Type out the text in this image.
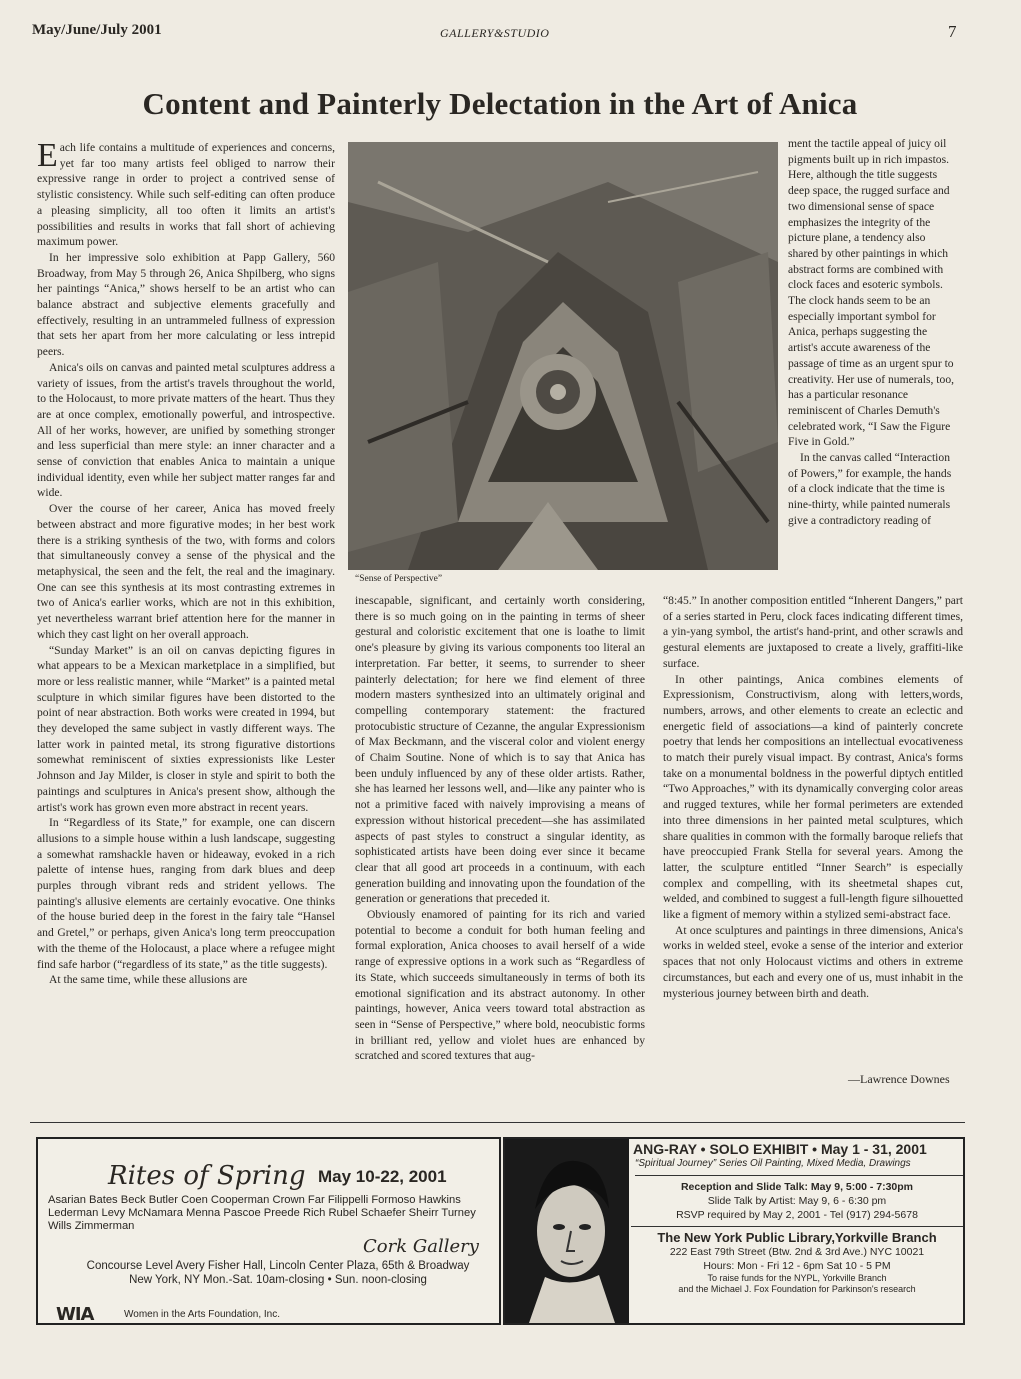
May/June/July 2001	GALLERY&STUDIO	7
Content and Painterly Delectation in the Art of Anica

Each life contains a multitude of experiences and concerns, yet far too many artists feel obliged to narrow their expressive range in order to project a contrived sense of stylistic consistency. While such self-editing can often produce a pleasing simplicity, all too often it limits an artist's possibilities and results in works that fall short of achieving maximum power.

In her impressive solo exhibition at Papp Gallery, 560 Broadway, from May 5 through 26, Anica Shpilberg, who signs her paintings “Anica,” shows herself to be an artist who can balance abstract and subjective elements gracefully and effectively, resulting in an untrammeled fullness of expression that sets her apart from her more calculating or less intrepid peers.

Anica's oils on canvas and painted metal sculptures address a variety of issues, from the artist's travels throughout the world, to the Holocaust, to more private matters of the heart. Thus they are at once complex, emotionally powerful, and introspective. All of her works, however, are unified by something stronger and less superficial than mere style: an inner character and a sense of conviction that enables Anica to maintain a unique individual identity, even while her subject matter ranges far and wide.

Over the course of her career, Anica has moved freely between abstract and more figurative modes; in her best work there is a striking synthesis of the two, with forms and colors that simultaneously convey a sense of the physical and the metaphysical, the seen and the felt, the real and the imaginary. One can see this synthesis at its most contrasting extremes in two of Anica's earlier works, which are not in this exhibition, yet nevertheless warrant brief attention here for the manner in which they cast light on her overall approach.

“Sunday Market” is an oil on canvas depicting figures in what appears to be a Mexican marketplace in a simplified, but more or less realistic manner, while “Market” is a painted metal sculpture in which similar figures have been distorted to the point of near abstraction. Both works were created in 1994, but they developed the same subject in vastly different ways. The latter work in painted metal, its strong figurative distortions somewhat reminiscent of sixties expressionists like Lester Johnson and Jay Milder, is closer in style and spirit to both the paintings and sculptures in Anica's present show, although the artist's work has grown even more abstract in recent years.

In “Regardless of its State,” for example, one can discern allusions to a simple house within a lush landscape, suggesting a somewhat ramshackle haven or hideaway, evoked in a rich palette of intense hues, ranging from dark blues and deep purples through vibrant reds and strident yellows. The painting's allusive elements are certainly evocative. One thinks of the house buried deep in the forest in the fairy tale “Hansel and Gretel,” or perhaps, given Anica's long term preoccupation with the theme of the Holocaust, a place where a refugee might find safe harbor (“regardless of its state,” as the title suggests).

At the same time, while these allusions are

“Sense of Perspective”

ment the tactile appeal of juicy oil pigments built up in rich impastos. Here, although the title suggests deep space, the rugged surface and two dimensional sense of space emphasizes the integrity of the picture plane, a tendency also shared by other paintings in which abstract forms are combined with clock faces and esoteric symbols. The clock hands seem to be an especially important symbol for Anica, perhaps suggesting the artist's accute awareness of the passage of time as an urgent spur to creativity. Her use of numerals, too, has a particular resonance reminiscent of Charles Demuth's celebrated work, “I Saw the Figure Five in Gold.”

In the canvas called “Interaction of Powers,” for example, the hands of a clock indicate that the time is nine-thirty, while painted numerals give a contradictory reading of

inescapable, significant, and certainly worth considering, there is so much going on in the painting in terms of sheer gestural and coloristic excitement that one is loathe to limit one's pleasure by giving its various components too literal an interpretation. Far better, it seems, to surrender to sheer painterly delectation; for here we find element of three modern masters synthesized into an ultimately original and compelling contemporary statement: the fractured protocubistic structure of Cezanne, the angular Expressionism of Max Beckmann, and the visceral color and violent energy of Chaim Soutine. None of which is to say that Anica has been unduly influenced by any of these older artists. Rather, she has learned her lessons well, and—like any painter who is not a primitive faced with naively improvising a means of expression without historical precedent—she has assimilated aspects of past styles to construct a singular identity, as sophisticated artists have been doing ever since it became clear that all good art proceeds in a continuum, with each generation building and innovating upon the foundation of the generation or generations that preceded it.

Obviously enamored of painting for its rich and varied potential to become a conduit for both human feeling and formal exploration, Anica chooses to avail herself of a wide range of expressive options in a work such as “Regardless of its State, which succeeds simultaneously in terms of both its emotional signification and its abstract autonomy. In other paintings, however, Anica veers toward total abstraction as seen in “Sense of Perspective,” where bold, neocubistic forms in brilliant red, yellow and violet hues are enhanced by scratched and scored textures that aug-

“8:45.” In another composition entitled “Inherent Dangers,” part of a series started in Peru, clock faces indicating different times, a yin-yang symbol, the artist's hand-print, and other scrawls and gestural elements are juxtaposed to create a lively, graffiti-like surface.

In other paintings, Anica combines elements of Expressionism, Constructivism, along with letters,words, numbers, arrows, and other elements to create an eclectic and energetic field of associations—a kind of painterly concrete poetry that lends her compositions an intellectual evocativeness to match their purely visual impact. By contrast, Anica's forms take on a monumental boldness in the powerful diptych entitled “Two Approaches,” with its dynamically converging color areas and rugged textures, while her formal perimeters are extended into three dimensions in her painted metal sculptures, which share qualities in common with the formally baroque reliefs that have preoccupied Frank Stella for several years. Among the latter, the sculpture entitled “Inner Search” is especially complex and compelling, with its sheetmetal shapes cut, welded, and combined to suggest a full-length figure silhouetted like a figment of memory within a stylized semi-abstract face.

At once sculptures and paintings in three dimensions, Anica's works in welded steel, evoke a sense of the interior and exterior spaces that not only Holocaust victims and others in extreme circumstances, but each and every one of us, must inhabit in the mysterious journey between birth and death.

—Lawrence Downes
Rites of Spring May 10-22, 2001
Asarian Bates Beck Butler Coen Cooperman Crown Far Filippelli Formoso Hawkins Lederman Levy McNamara Menna Pascoe Preede Rich Rubel Schaefer Sheirr Turney Wills Zimmerman
Cork Gallery
Concourse Level Avery Fisher Hall, Lincoln Center Plaza, 65th & Broadway
New York, NY Mon.-Sat. 10am-closing • Sun. noon-closing
WIA	Women in the Arts Foundation, Inc.
ANG-RAY • SOLO EXHIBIT • May 1 - 31, 2001
“Spiritual Journey” Series Oil Painting, Mixed Media, Drawings
Reception and Slide Talk: May 9, 5:00 - 7:30pm
Slide Talk by Artist: May 9, 6 - 6:30 pm
RSVP required by May 2, 2001 - Tel (917) 294-5678
The New York Public Library,Yorkville Branch
222 East 79th Street (Btw. 2nd & 3rd Ave.) NYC 10021
Hours: Mon - Fri 12 - 6pm Sat 10 - 5 PM
To raise funds for the NYPL, Yorkville Branch
and the Michael J. Fox Foundation for Parkinson's research
